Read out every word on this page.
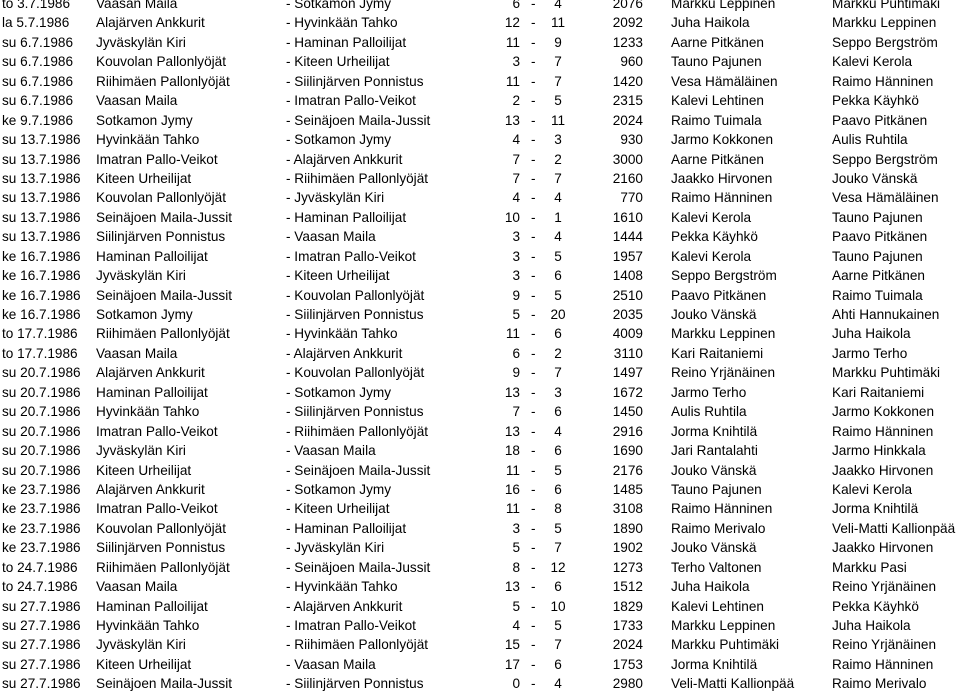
to 3.7.1986 Vaasan Maila	- Sotkamon Jymy	6 -	4	2076 Markku Leppinen	Markku Puhtimäki
la 5.7.1986 Alajärven Ankkurit	- Hyvinkään Tahko	12 -	11	2092 Juha Haikola	Markku Leppinen
su 6.7.1986 Jyväskylän Kiri	- Haminan Palloilijat	11 -	9	1233 Aarne Pitkänen	Seppo Bergström
su 6.7.1986 Kouvolan Pallonlyöjät	- Kiteen Urheilijat	3 -	7	960 Tauno Pajunen	Kalevi Kerola
su 6.7.1986 Riihimäen Pallonlyöjät	- Siilinjärven Ponnistus	11 -	7	1420 Vesa Hämäläinen	Raimo Hänninen
su 6.7.1986 Vaasan Maila	- Imatran Pallo-Veikot	2 -	5	2315 Kalevi Lehtinen	Pekka Käyhkö
ke 9.7.1986 Sotkamon Jymy	- Seinäjoen Maila-Jussit	13 -	11	2024 Raimo Tuimala	Paavo Pitkänen
su 13.7.1986 Hyvinkään Tahko	- Sotkamon Jymy	4 -	3	930 Jarmo Kokkonen	Aulis Ruhtila
su 13.7.1986 Imatran Pallo-Veikot	- Alajärven Ankkurit	7 -	2	3000 Aarne Pitkänen	Seppo Bergström
su 13.7.1986 Kiteen Urheilijat	- Riihimäen Pallonlyöjät	7 -	7	2160 Jaakko Hirvonen	Jouko Vänskä
su 13.7.1986 Kouvolan Pallonlyöjät	- Jyväskylän Kiri	4 -	4	770 Raimo Hänninen	Vesa Hämäläinen
su 13.7.1986 Seinäjoen Maila-Jussit	- Haminan Palloilijat	10 -	1	1610 Kalevi Kerola	Tauno Pajunen
su 13.7.1986 Siilinjärven Ponnistus	- Vaasan Maila	3 -	4	1444 Pekka Käyhkö	Paavo Pitkänen
ke 16.7.1986 Haminan Palloilijat	- Imatran Pallo-Veikot	3 -	5	1957 Kalevi Kerola	Tauno Pajunen
ke 16.7.1986 Jyväskylän Kiri	- Kiteen Urheilijat	3 -	6	1408 Seppo Bergström	Aarne Pitkänen
ke 16.7.1986 Seinäjoen Maila-Jussit	- Kouvolan Pallonlyöjät	9 -	5	2510 Paavo Pitkänen	Raimo Tuimala
ke 16.7.1986 Sotkamon Jymy	- Siilinjärven Ponnistus	5 -	20	2035 Jouko Vänskä	Ahti Hannukainen
to 17.7.1986 Riihimäen Pallonlyöjät	- Hyvinkään Tahko	11 -	6	4009 Markku Leppinen	Juha Haikola
to 17.7.1986 Vaasan Maila	- Alajärven Ankkurit	6 -	2	3110 Kari Raitaniemi	Jarmo Terho
su 20.7.1986 Alajärven Ankkurit	- Kouvolan Pallonlyöjät	9 -	7	1497 Reino Yrjänäinen	Markku Puhtimäki
su 20.7.1986 Haminan Palloilijat	- Sotkamon Jymy	13 -	3	1672 Jarmo Terho	Kari Raitaniemi
su 20.7.1986 Hyvinkään Tahko	- Siilinjärven Ponnistus	7 -	6	1450 Aulis Ruhtila	Jarmo Kokkonen
su 20.7.1986 Imatran Pallo-Veikot	- Riihimäen Pallonlyöjät	13 -	4	2916 Jorma Knihtilä	Raimo Hänninen
su 20.7.1986 Jyväskylän Kiri	- Vaasan Maila	18 -	6	1690 Jari Rantalahti	Jarmo Hinkkala
su 20.7.1986 Kiteen Urheilijat	- Seinäjoen Maila-Jussit	11 -	5	2176 Jouko Vänskä	Jaakko Hirvonen
ke 23.7.1986 Alajärven Ankkurit	- Sotkamon Jymy	16 -	6	1485 Tauno Pajunen	Kalevi Kerola
ke 23.7.1986 Imatran Pallo-Veikot	- Kiteen Urheilijat	11 -	8	3108 Raimo Hänninen	Jorma Knihtilä
ke 23.7.1986 Kouvolan Pallonlyöjät	- Haminan Palloilijat	3 -	5	1890 Raimo Merivalo	Veli-Matti Kallionpää
ke 23.7.1986 Siilinjärven Ponnistus	- Jyväskylän Kiri	5 -	7	1902 Jouko Vänskä	Jaakko Hirvonen
to 24.7.1986 Riihimäen Pallonlyöjät	- Seinäjoen Maila-Jussit	8 -	12	1273 Terho Valtonen	Markku Pasi
to 24.7.1986 Vaasan Maila	- Hyvinkään Tahko	13 -	6	1512 Juha Haikola	Reino Yrjänäinen
su 27.7.1986 Haminan Palloilijat	- Alajärven Ankkurit	5 -	10	1829 Kalevi Lehtinen	Pekka Käyhkö
su 27.7.1986 Hyvinkään Tahko	- Imatran Pallo-Veikot	4 -	5	1733 Markku Leppinen	Juha Haikola
su 27.7.1986 Jyväskylän Kiri	- Riihimäen Pallonlyöjät	15 -	7	2024 Markku Puhtimäki	Reino Yrjänäinen
su 27.7.1986 Kiteen Urheilijat	- Vaasan Maila	17 -	6	1753 Jorma Knihtilä	Raimo Hänninen
su 27.7.1986 Seinäjoen Maila-Jussit	- Siilinjärven Ponnistus	0 -	4	2980 Veli-Matti Kallionpää	Raimo Merivalo
